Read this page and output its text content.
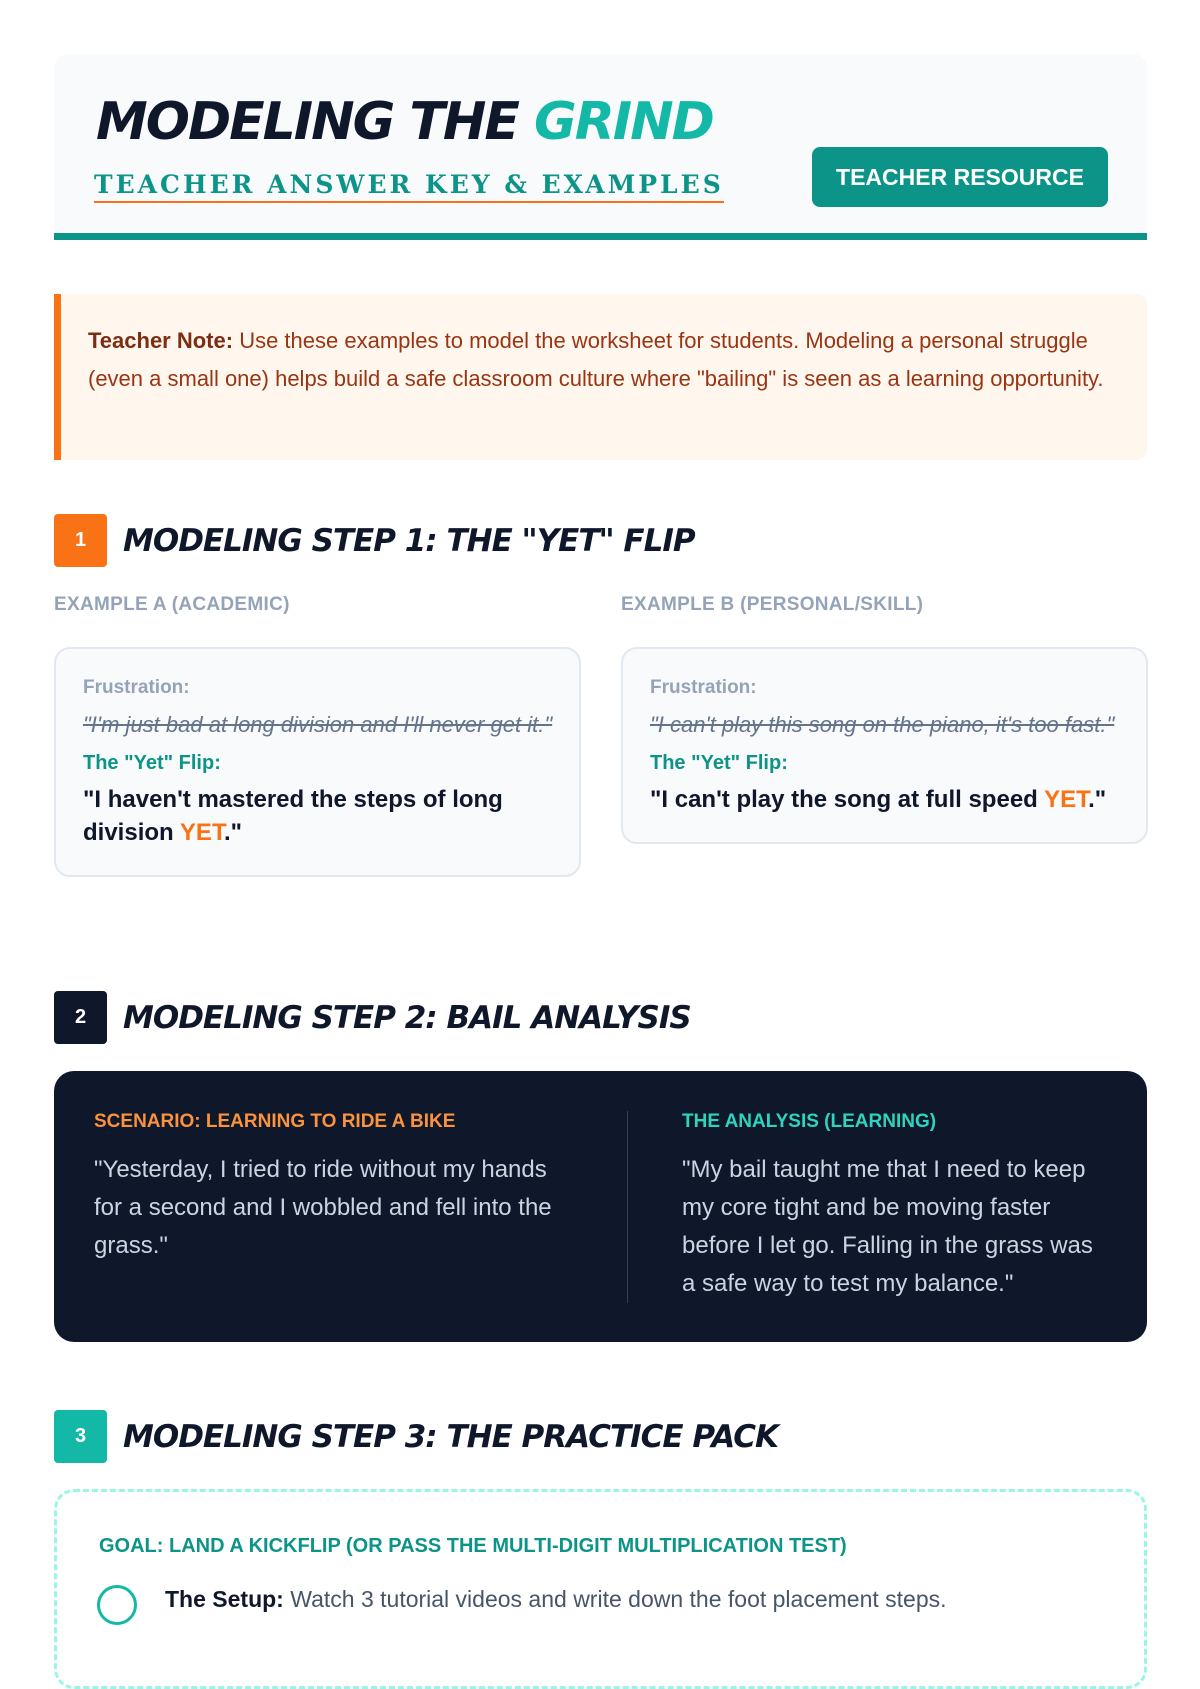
MODELING THE GRIND
TEACHER ANSWER KEY & EXAMPLES	TEACHER RESOURCE
Teacher Note: Use these examples to model the worksheet for students. Modeling a personal struggle (even a small one) helps build a safe classroom culture where "bailing" is seen as a learning opportunity.
1	MODELING STEP 1: THE "YET" FLIP
EXAMPLE A (ACADEMIC)	EXAMPLE B (PERSONAL/SKILL)
Frustration:
"I'm just bad at long division and I'll never get it."
The "Yet" Flip:
"I haven't mastered the steps of long division YET."
Frustration:
"I can't play this song on the piano, it's too fast."
The "Yet" Flip:
"I can't play the song at full speed YET."
2	MODELING STEP 2: BAIL ANALYSIS
SCENARIO: LEARNING TO RIDE A BIKE
"Yesterday, I tried to ride without my hands for a second and I wobbled and fell into the grass."
THE ANALYSIS (LEARNING)
"My bail taught me that I need to keep my core tight and be moving faster before I let go. Falling in the grass was a safe way to test my balance."
3	MODELING STEP 3: THE PRACTICE PACK
GOAL: LAND A KICKFLIP (OR PASS THE MULTI-DIGIT MULTIPLICATION TEST)
The Setup: Watch 3 tutorial videos and write down the foot placement steps.
